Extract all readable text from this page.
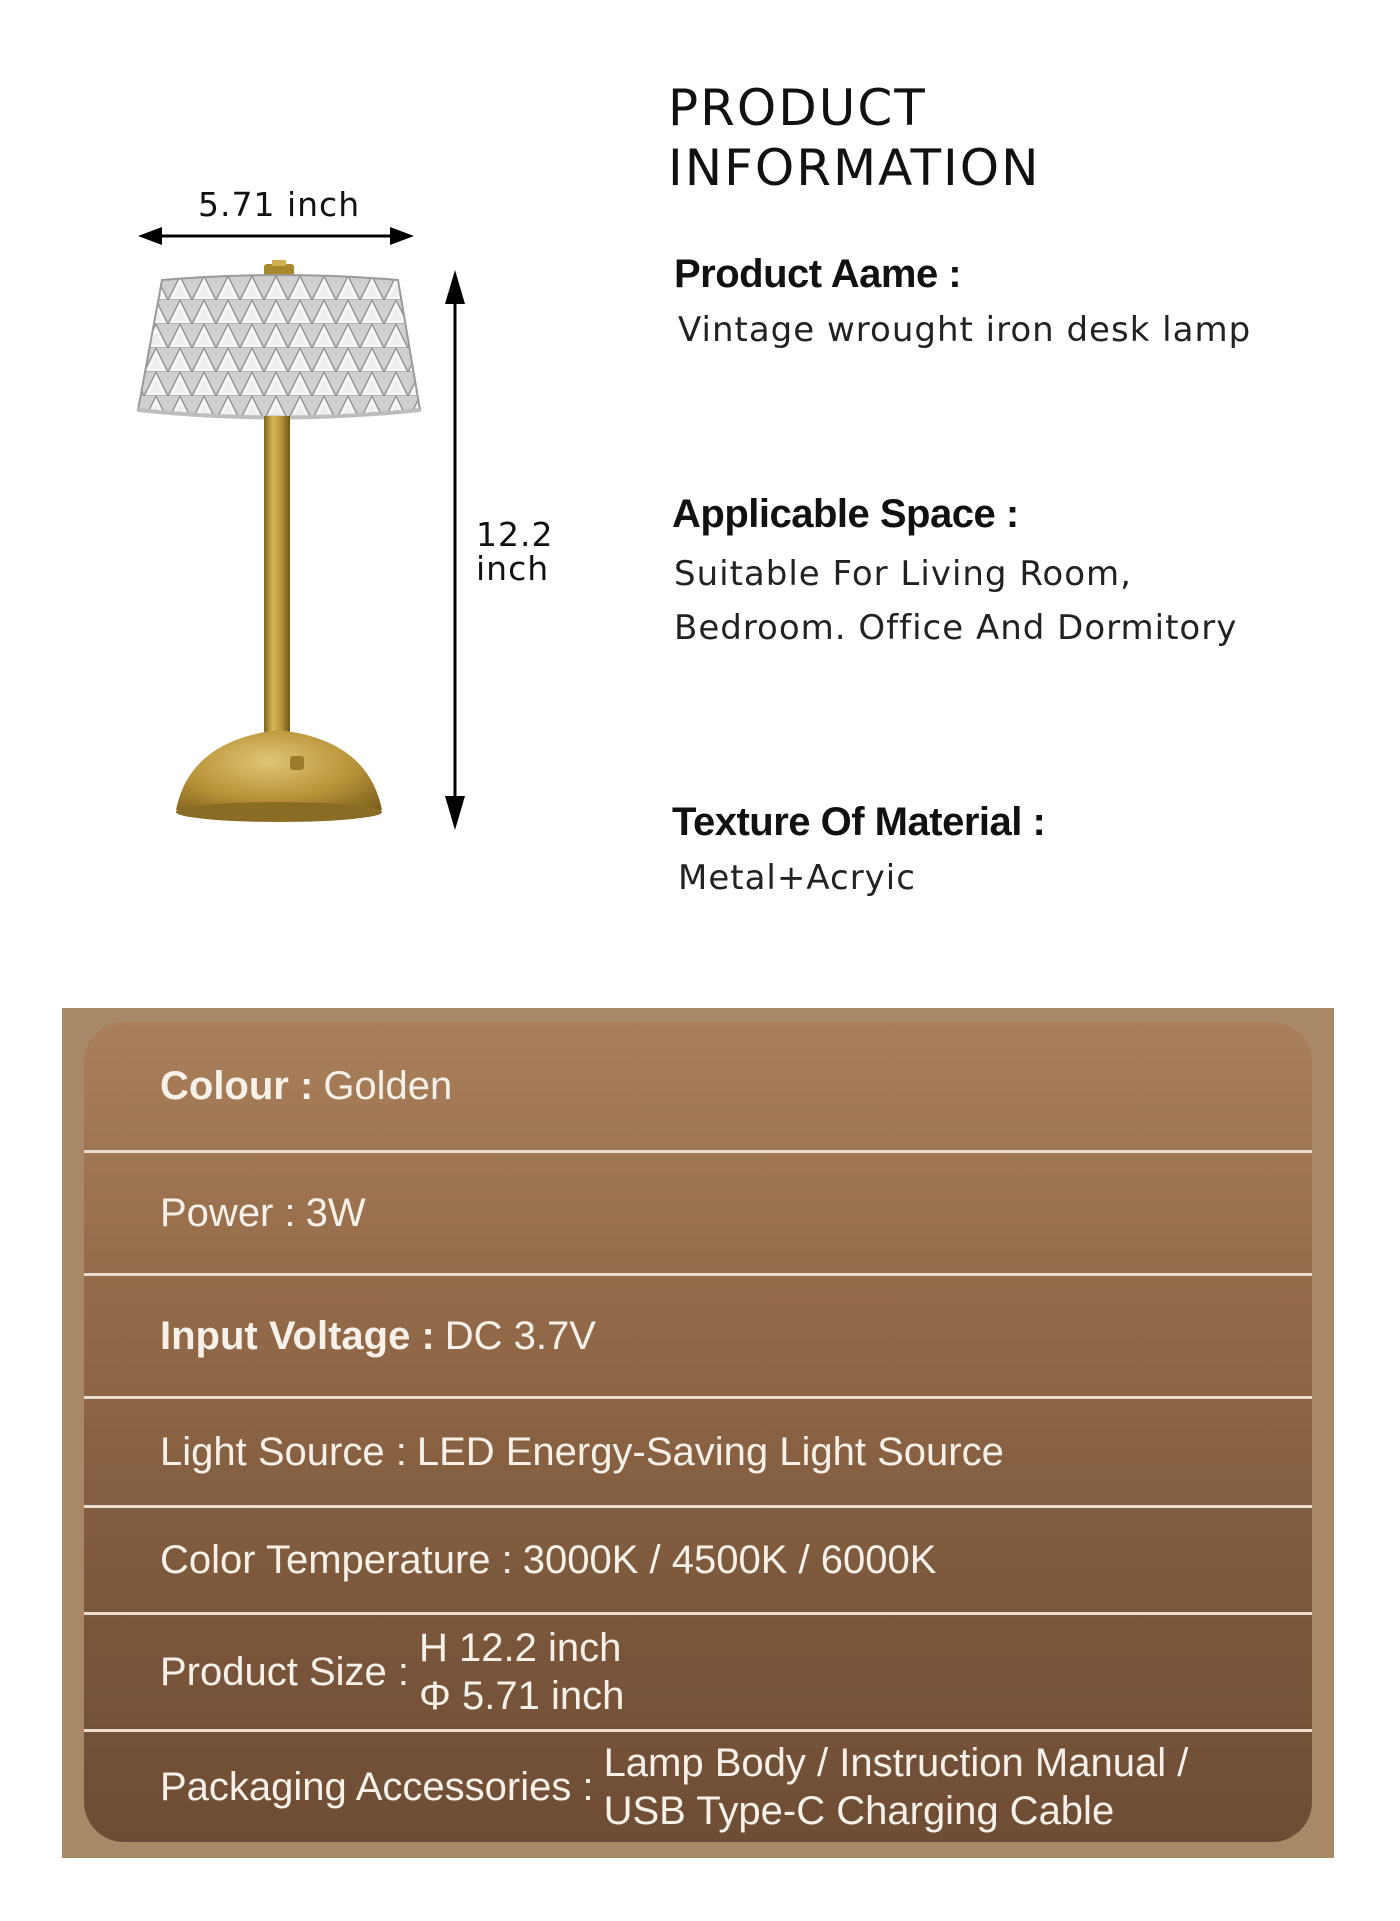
PRODUCT
INFORMATION
5.71 inch
12.2
inch
Product Aame :
Vintage wrought iron desk lamp
Applicable Space :
Suitable For Living Room,
Bedroom. Office And Dormitory
Texture Of Material :
Metal+Acryic
Colour : Golden
Power : 3W
Input Voltage : DC 3.7V
Light Source : LED Energy-Saving Light Source
Color Temperature : 3000K / 4500K / 6000K
Product Size :
H 12.2 inch
Φ 5.71 inch
Packaging Accessories :
Lamp Body / Instruction Manual /
USB Type-C Charging Cable
